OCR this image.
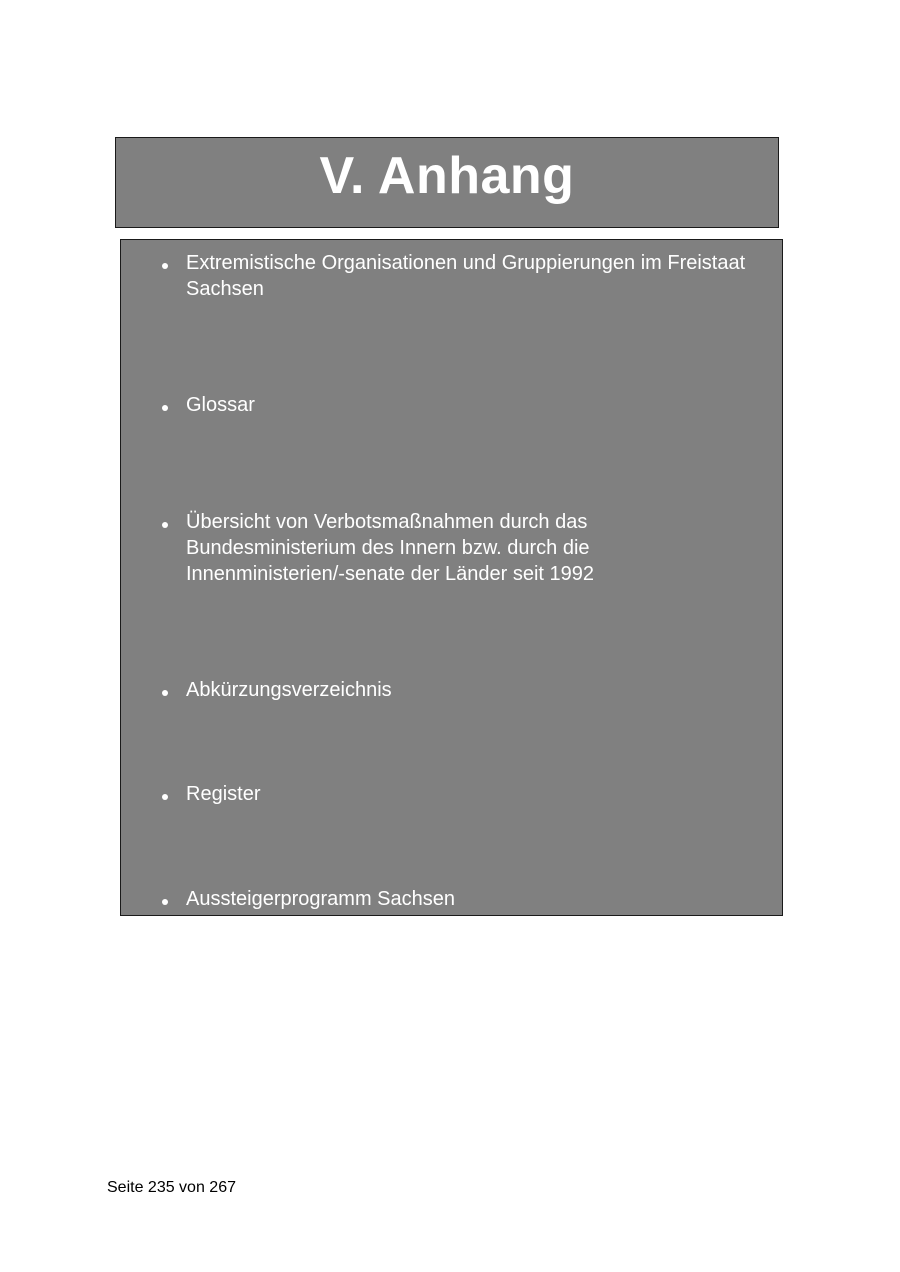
V. Anhang
Extremistische Organisationen und Gruppierungen im Freistaat Sachsen
Glossar
Übersicht von Verbotsmaßnahmen durch das Bundesministerium des Innern bzw. durch die Innenministerien/-senate der Länder seit 1992
Abkürzungsverzeichnis
Register
Aussteigerprogramm Sachsen
Seite 235 von 267
